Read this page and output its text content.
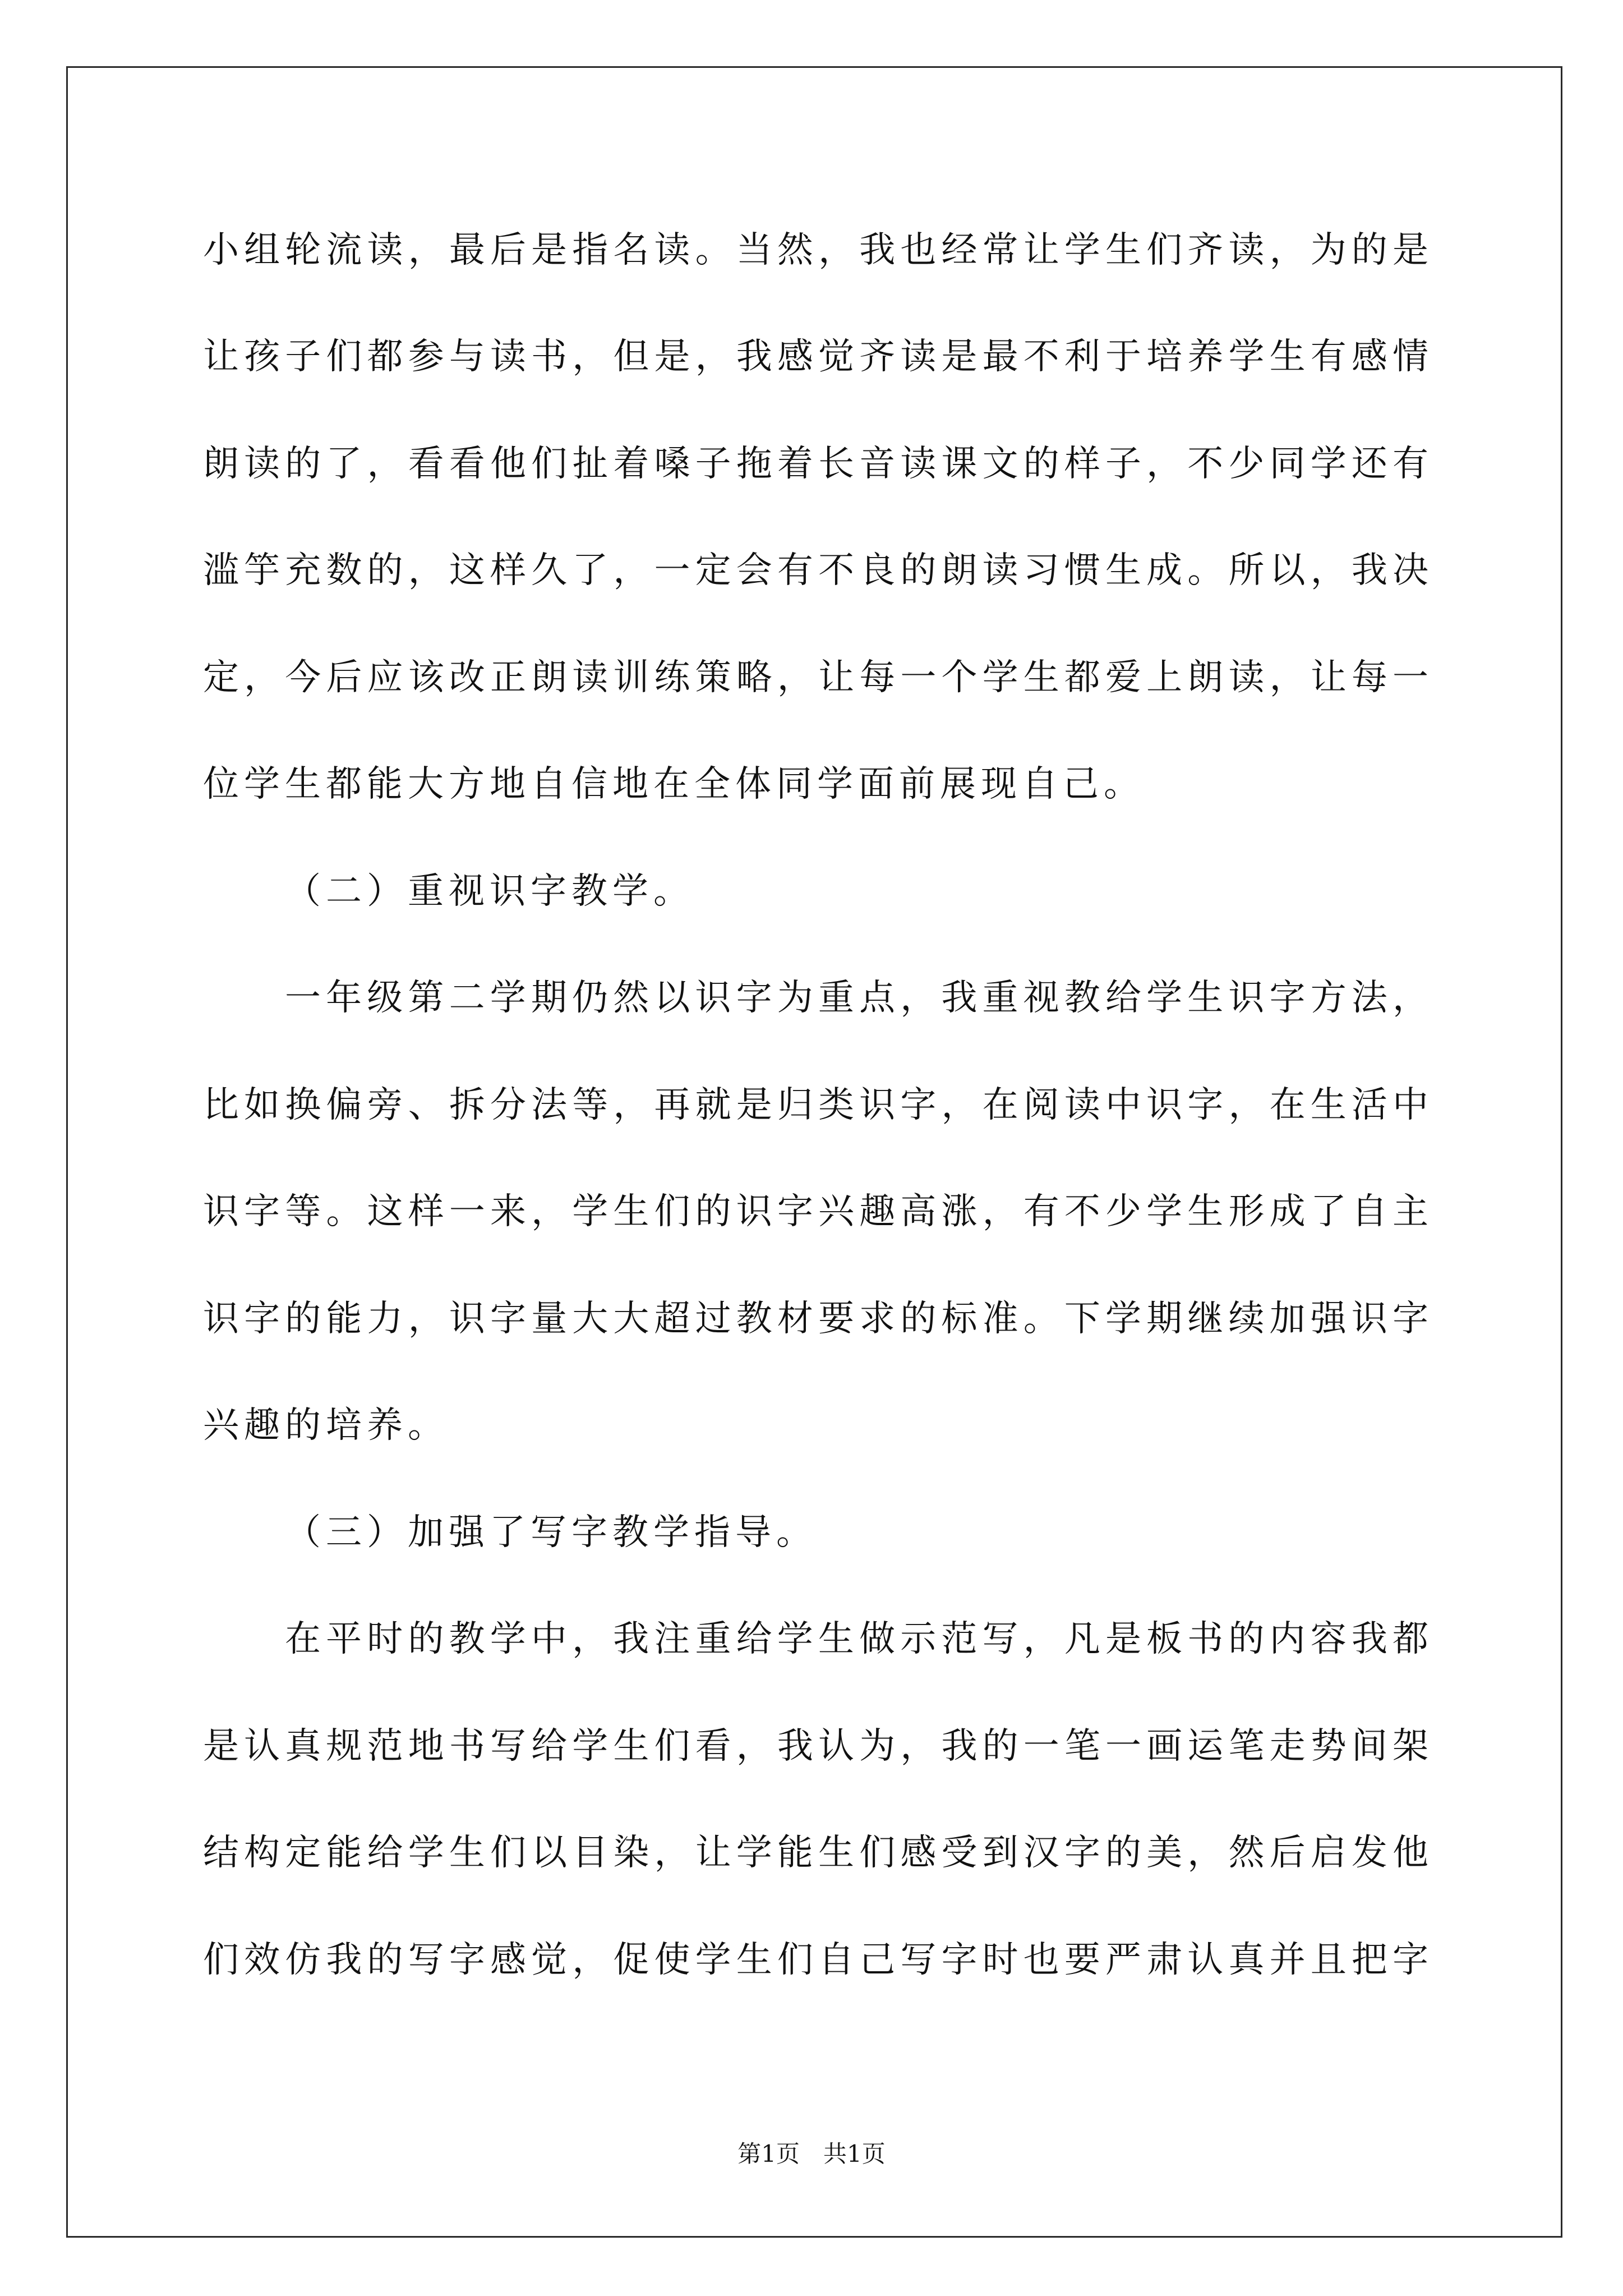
小组轮流读，最后是指名读。当然，我也经常让学生们齐读，为的是
让孩子们都参与读书，但是，我感觉齐读是最不利于培养学生有感情
朗读的了，看看他们扯着嗓子拖着长音读课文的样子，不少同学还有
滥竽充数的，这样久了，一定会有不良的朗读习惯生成。所以，我决
定，今后应该改正朗读训练策略，让每一个学生都爱上朗读，让每一
位学生都能大方地自信地在全体同学面前展现自己。
（二）重视识字教学。
一年级第二学期仍然以识字为重点，我重视教给学生识字方法，
比如换偏旁、拆分法等，再就是归类识字，在阅读中识字，在生活中
识字等。这样一来，学生们的识字兴趣高涨，有不少学生形成了自主
识字的能力，识字量大大超过教材要求的标准。下学期继续加强识字
兴趣的培养。
（三）加强了写字教学指导。
在平时的教学中，我注重给学生做示范写，凡是板书的内容我都
是认真规范地书写给学生们看，我认为，我的一笔一画运笔走势间架
结构定能给学生们以目染，让学能生们感受到汉字的美，然后启发他
们效仿我的写字感觉，促使学生们自己写字时也要严肃认真并且把字
第1页　共1页
